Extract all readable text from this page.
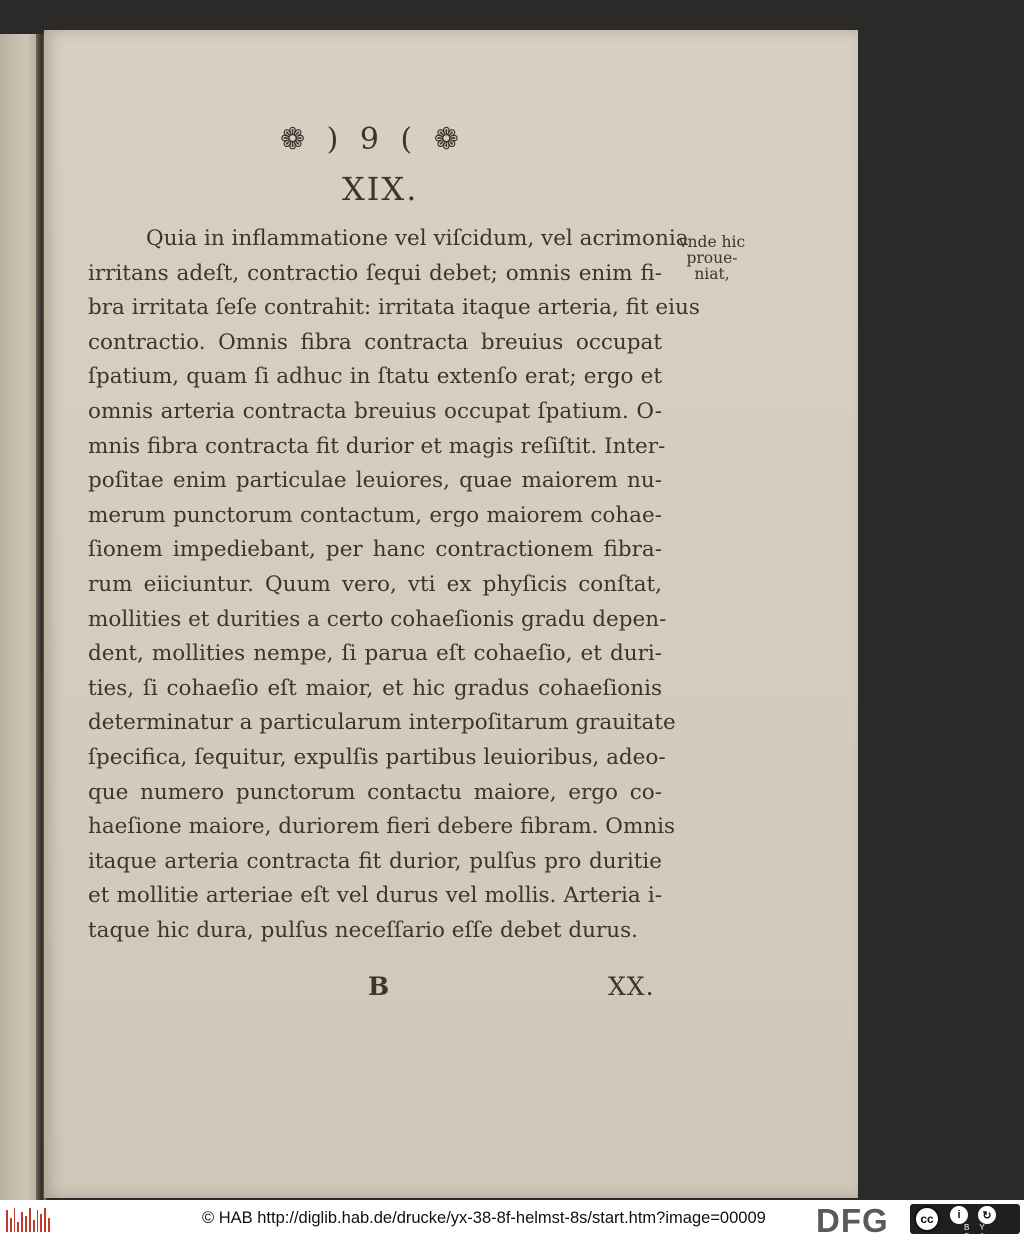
❁ ) 9 ( ❁
XIX.
Quia in inflammatione vel viſcidum, vel acrimonia
irritans adeſt, contractio ſequi debet; omnis enim fi-
bra irritata ſeſe contrahit: irritata itaque arteria, fit eius
contractio. Omnis fibra contracta breuius occupat
ſpatium, quam ſi adhuc in ſtatu extenſo erat; ergo et
omnis arteria contracta breuius occupat ſpatium. O-
mnis fibra contracta fit durior et magis reſiſtit. Inter-
poſitae enim particulae leuiores, quae maiorem nu-
merum punctorum contactum, ergo maiorem cohae-
ſionem impediebant, per hanc contractionem fibra-
rum eiiciuntur. Quum vero, vti ex phyſicis conſtat,
mollities et durities a certo cohaeſionis gradu depen-
dent, mollities nempe, ſi parua eſt cohaeſio, et duri-
ties, ſi cohaeſio eſt maior, et hic gradus cohaeſionis
determinatur a particularum interpoſitarum grauitate
ſpecifica, ſequitur, expulſis partibus leuioribus, adeo-
que numero punctorum contactu maiore, ergo co-
haeſione maiore, duriorem fieri debere fibram. Omnis
itaque arteria contracta fit durior, pulſus pro duritie
et mollitie arteriae eſt vel durus vel mollis. Arteria i-
taque hic dura, pulſus neceſſario eſſe debet durus.
vnde hic
proue-
niat,
B	XX.
© HAB http://diglib.hab.de/drucke/yx-38-8f-helmst-8s/start.htm?image=00009 DFG	cc	i	↻
BY SA
